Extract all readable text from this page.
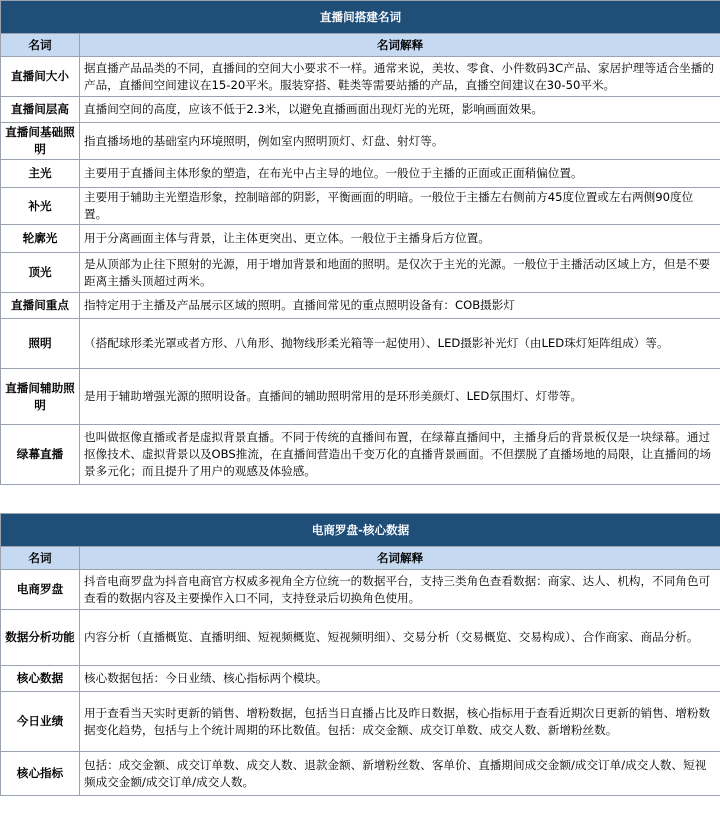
直播间搭建名词	
名词	名词解释
直播间大小	据直播产品品类的不同，直播间的空间大小要求不一样。通常来说，美妆、零食、小件数码3C产品、家居护理等适合坐播的产品，直播间空间建议在15-20平米。服装穿搭、鞋类等需要站播的产品，直播空间建议在30-50平米。
直播间层高	直播间空间的高度，应该不低于2.3米，以避免直播画面出现灯光的光斑，影响画面效果。
直播间基础照明	指直播场地的基础室内环境照明，例如室内照明顶灯、灯盘、射灯等。
主光	主要用于直播间主体形象的塑造，在布光中占主导的地位。一般位于主播的正面或正面稍偏位置。
补光	主要用于辅助主光塑造形象，控制暗部的阴影，平衡画面的明暗。一般位于主播左右侧前方45度位置或左右两侧90度位置。
轮廓光	用于分离画面主体与背景，让主体更突出、更立体。一般位于主播身后方位置。
顶光	是从顶部为止往下照射的光源，用于增加背景和地面的照明。是仅次于主光的光源。一般位于主播活动区域上方，但是不要距离主播头顶超过两米。
直播间重点	指特定用于主播及产品展示区域的照明。直播间常见的重点照明设备有：COB摄影灯
照明	（搭配球形柔光罩或者方形、八角形、抛物线形柔光箱等一起使用）、LED摄影补光灯（由LED珠灯矩阵组成）等。
直播间辅助照明	是用于辅助增强光源的照明设备。直播间的辅助照明常用的是环形美颜灯、LED氛围灯、灯带等。
绿幕直播	也叫做抠像直播或者是虚拟背景直播。不同于传统的直播间布置，在绿幕直播间中，主播身后的背景板仅是一块绿幕。通过抠像技术、虚拟背景以及OBS推流，在直播间营造出千变万化的直播背景画面。不但摆脱了直播场地的局限，让直播间的场景多元化；而且提升了用户的观感及体验感。

电商罗盘-核心数据	
名词	名词解释
电商罗盘	抖音电商罗盘为抖音电商官方权威多视角全方位统一的数据平台，支持三类角色查看数据：商家、达人、机构，不同角色可查看的数据内容及主要操作入口不同，支持登录后切换角色使用。
数据分析功能	内容分析（直播概览、直播明细、短视频概览、短视频明细）、交易分析（交易概览、交易构成）、合作商家、商品分析。
核心数据	核心数据包括：今日业绩、核心指标两个模块。
今日业绩	用于查看当天实时更新的销售、增粉数据，包括当日直播占比及昨日数据，核心指标用于查看近期次日更新的销售、增粉数据变化趋势，包括与上个统计周期的环比数值。包括：成交金额、成交订单数、成交人数、新增粉丝数。
核心指标	包括：成交金额、成交订单数、成交人数、退款金额、新增粉丝数、客单价、直播期间成交金额/成交订单/成交人数、短视频成交金额/成交订单/成交人数。
